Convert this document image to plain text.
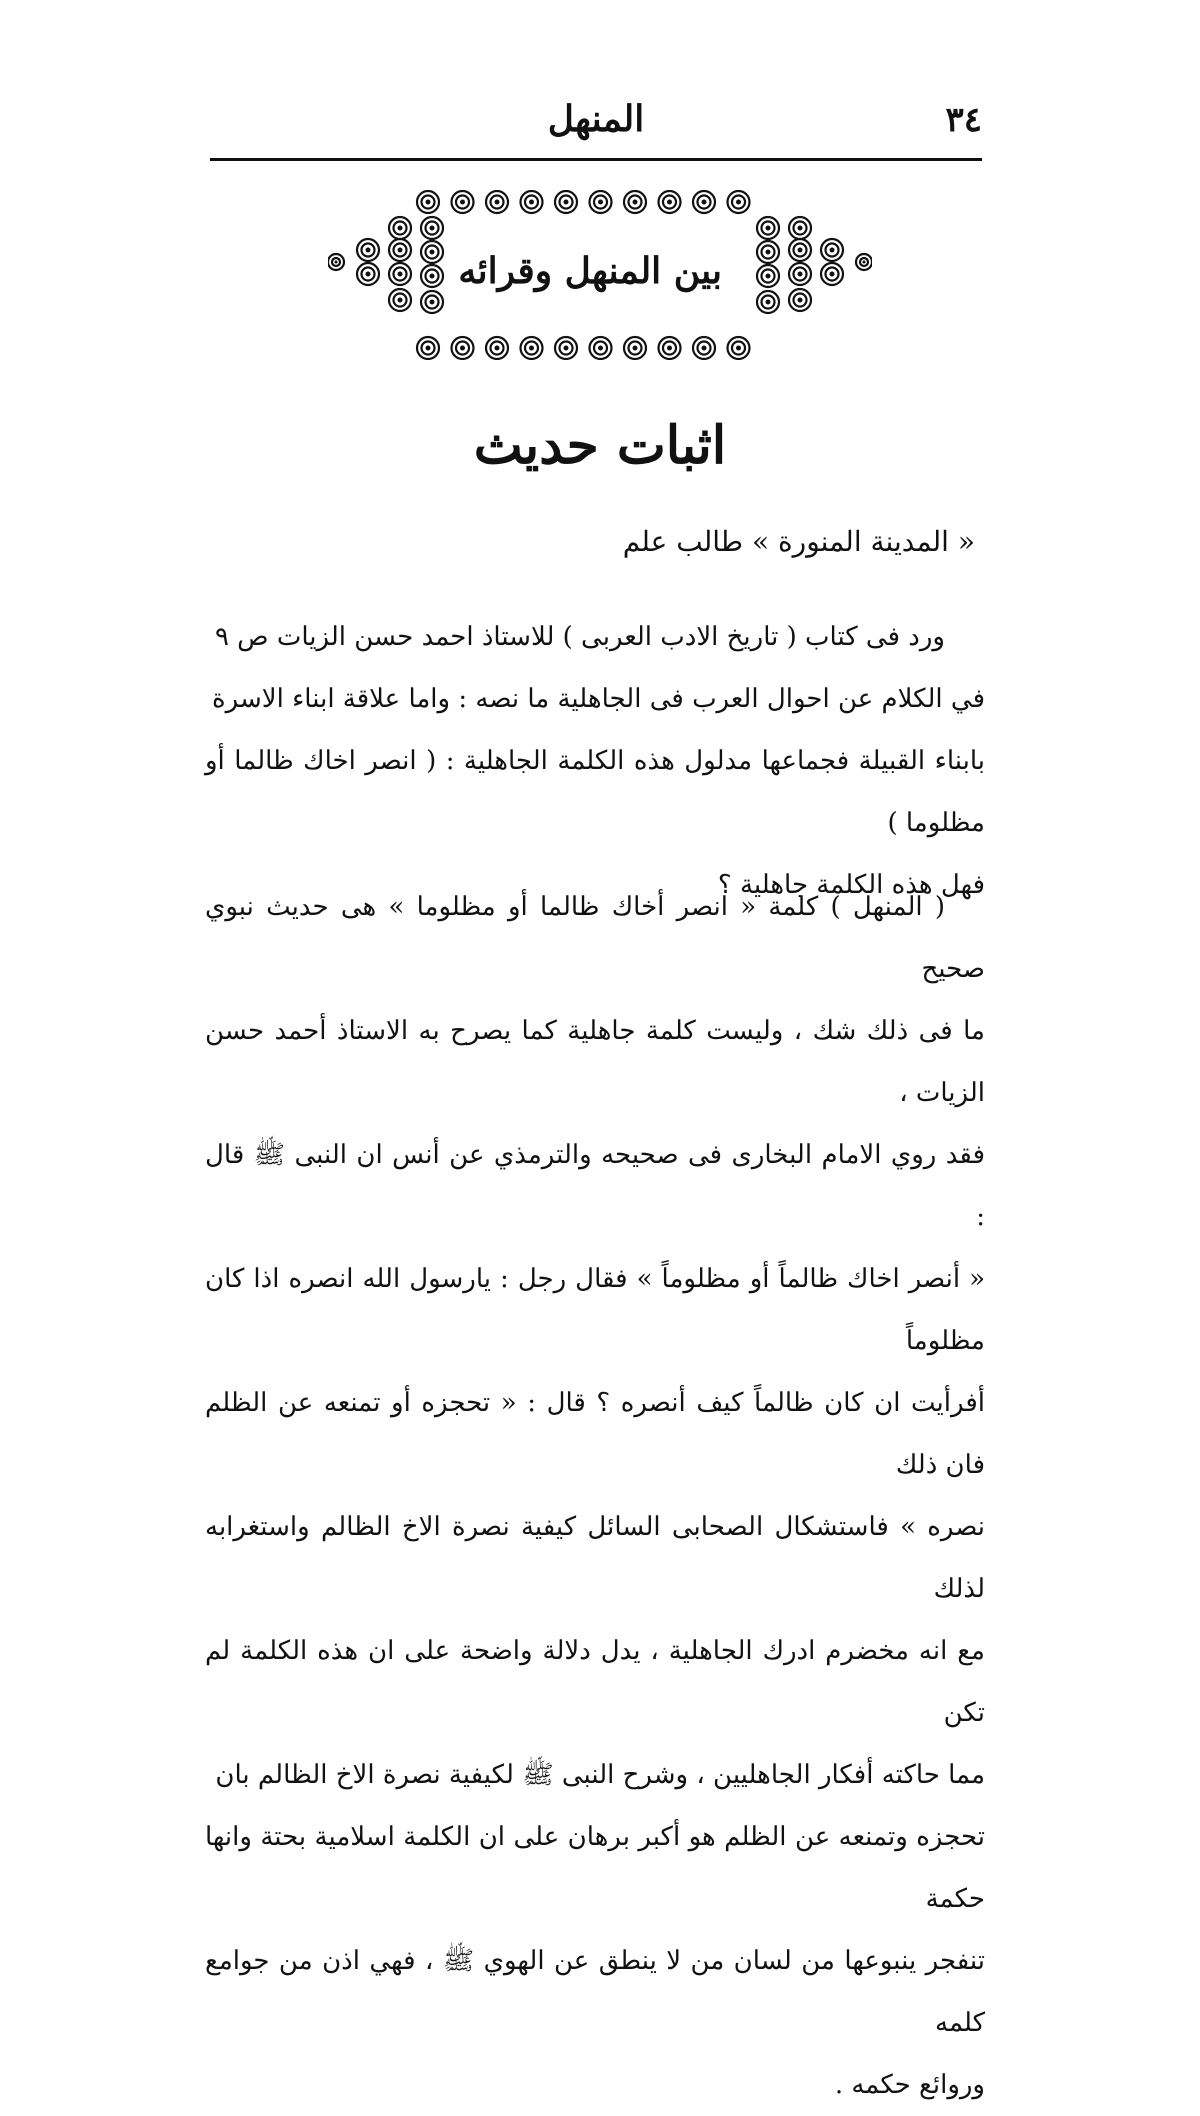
٣٤
المنهل
بين المنهل وقرائه
اثبات حديث
« المدينة المنورة » طالب علم

ورد فى كتاب ( تاريخ الادب العربى ) للاستاذ احمد حسن الزيات ص ٩

في الكلام عن احوال العرب فى الجاهلية ما نصه : واما علاقة ابناء الاسرة

بابناء القبيلة فجماعها مدلول هذه الكلمة الجاهلية : ( انصر اخاك ظالما أو مظلوما )

فهل هذه الكلمة جاهلية ؟

( المنهل ) كلمة « انصر أخاك ظالما أو مظلوما » هى حديث نبوي صحيح

ما فى ذلك شك ، وليست كلمة جاهلية كما يصرح به الاستاذ أحمد حسن الزيات ،

فقد روي الامام البخارى فى صحيحه والترمذي عن أنس ان النبى ﷺ قال :

« أنصر اخاك ظالماً أو مظلوماً » فقال رجل : يارسول الله انصره اذا كان مظلوماً

أفرأيت ان كان ظالماً كيف أنصره ؟ قال : « تحجزه أو تمنعه عن الظلم فان ذلك

نصره » فاستشكال الصحابى السائل كيفية نصرة الاخ الظالم واستغرابه لذلك

مع انه مخضرم ادرك الجاهلية ، يدل دلالة واضحة على ان هذه الكلمة لم تكن

مما حاكته أفكار الجاهليين ، وشرح النبى ﷺ لكيفية نصرة الاخ الظالم بان

تحجزه وتمنعه عن الظلم هو أكبر برهان على ان الكلمة اسلامية بحتة وانها حكمة

تنفجر ينبوعها من لسان من لا ينطق عن الهوي ﷺ ، فهي اذن من جوامع كلمه

وروائع حكمه .
